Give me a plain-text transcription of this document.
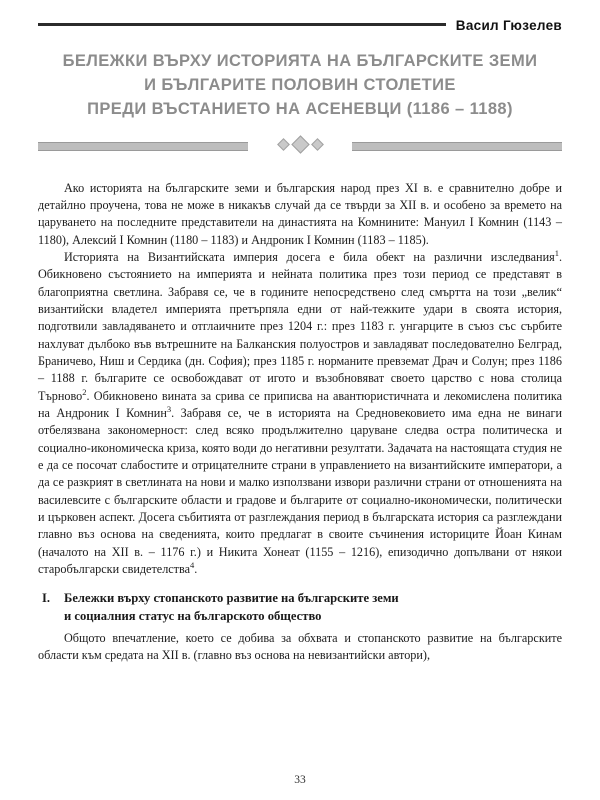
Васил Гюзелев
БЕЛЕЖКИ ВЪРХУ ИСТОРИЯТА НА БЪЛГАРСКИТЕ ЗЕМИ
И БЪЛГАРИТЕ ПОЛОВИН СТОЛЕТИЕ
ПРЕДИ ВЪСТАНИЕТО НА АСЕНЕВЦИ (1186 – 1188)

Ако историята на българските земи и българския народ през XI в. е сравнително добре и детайлно проучена, това не може в никакъв случай да се твърди за XII в. и особено за времето на царуването на последните представители на династията на Комнините: Мануил I Комнин (1143 – 1180), Алексий I Комнин (1180 – 1183) и Андроник I Комнин (1183 – 1185).

Историята на Византийската империя досега е била обект на различни изследвания$^1$. Обикновено състоянието на империята и нейната политика през този период се представят в благоприятна светлина. Забравя се, че в годините непосредствено след смъртта на този „велик“ византийски владетел империята претърпяла едни от най-тежките удари в своята история, подготвили завладяването и отглаичните през 1204 г.: през 1183 г. унгарците в съюз със сърбите нахлуват дълбоко във вътрешните на Балканския полуостров и завладяват последователно Белград, Браничево, Ниш и Сердика (дн. София); през 1185 г. норманите превземат Драч и Солун; през 1186 – 1188 г. българите се освобождават от игото и възобновяват своето царство с нова столица Търново$^2$. Обикновено вината за срива се приписва на авантюристичната и лекомислена политика на Андроник I Комнин$^3$. Забравя се, че в историята на Средновековието има една не винаги отбелязвана закономерност: след всяко продължително царуване следва остра политическа и социално-икономическа криза, която води до негативни резултати. Задачата на настоящата студия не е да се посочат слабостите и отрицателните страни в управлението на византийските императори, а да се разкрият в светлината на нови и малко използвани извори различни страни от отношенията на василевсите с българските области и градове и българите от социално-икономически, политически и църковен аспект. Досега събитията от разглеждания период в българската история са разглеждани главно въз основа на сведенията, които предлагат в своите съчинения историците Йоан Кинам (началото на XII в. – 1176 г.) и Никита Хонеат (1155 – 1216), епизодично допълвани от някои старобългарски свидетелства$^4$.

I.	Бележки върху стопанското развитие на българските земи
и социалния статус на българското общество

Общото впечатление, което се добива за обхвата и стопанското развитие на българските области към средата на XII в. (главно въз основа на невизантийски автори),

33
